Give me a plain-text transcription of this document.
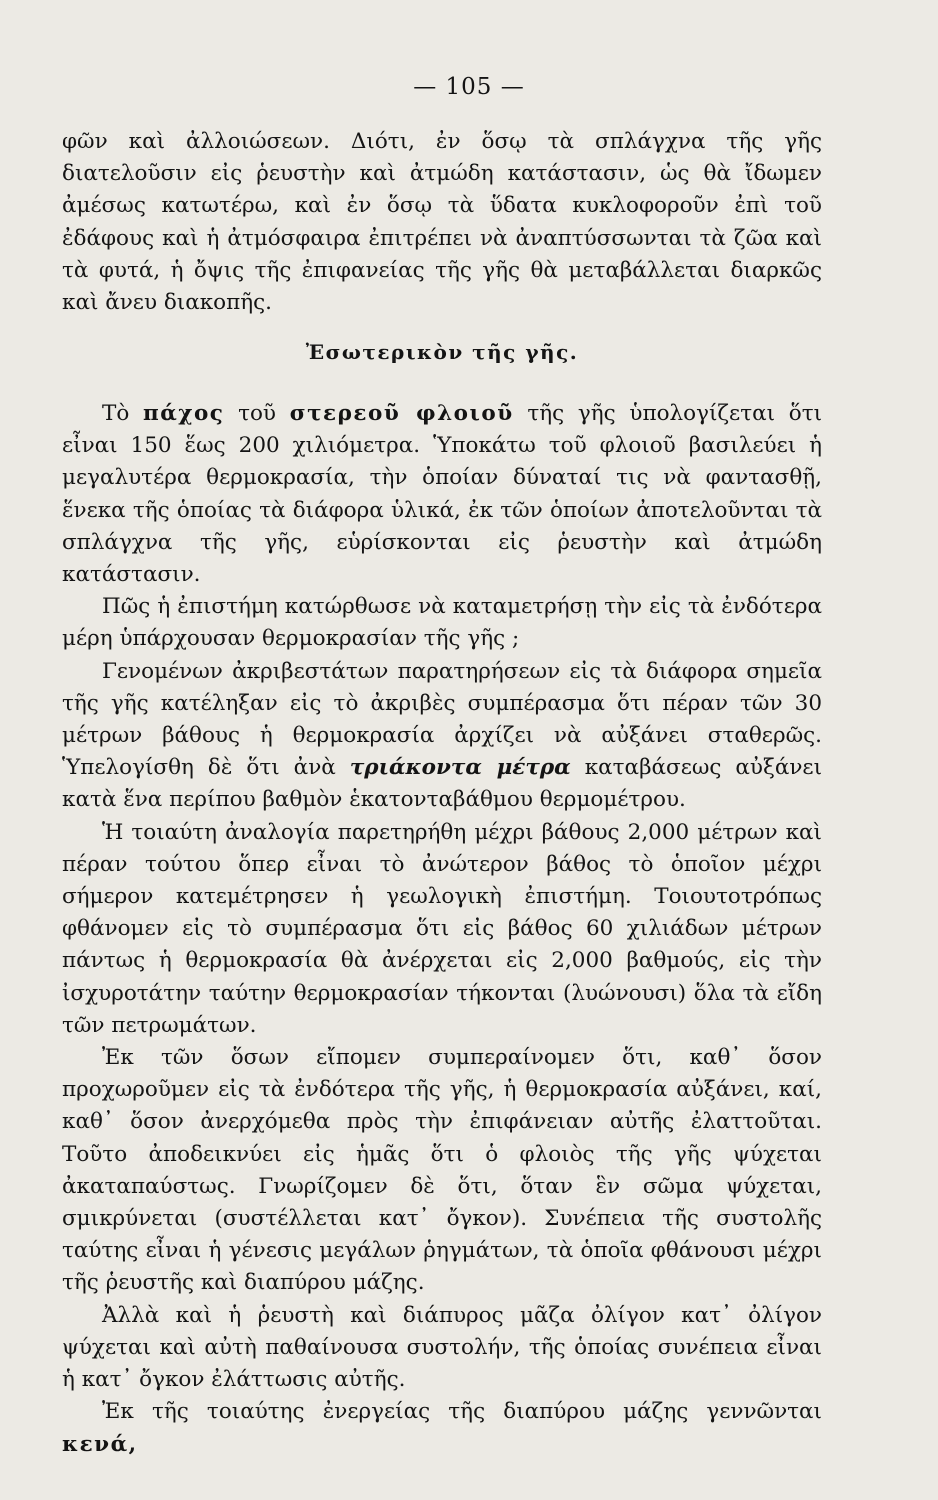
— 105 —

φῶν καὶ ἀλλοιώσεων. Διότι, ἐν ὅσῳ τὰ σπλάγχνα τῆς γῆς διατελοῦσιν εἰς ῥευστὴν καὶ ἀτμώδη κατάστασιν, ὡς θὰ ἴδωμεν ἀμέσως κατωτέρω, καὶ ἐν ὅσῳ τὰ ὕδατα κυκλοφοροῦν ἐπὶ τοῦ ἐδάφους καὶ ἡ ἀτμόσφαιρα ἐπιτρέπει νὰ ἀναπτύσσωνται τὰ ζῶα καὶ τὰ φυτά, ἡ ὄψις τῆς ἐπιφανείας τῆς γῆς θὰ μεταβάλλεται διαρκῶς καὶ ἄνευ διακοπῆς.

Ἐσωτερικὸν τῆς γῆς.

Τὸ πάχος τοῦ στερεοῦ φλοιοῦ τῆς γῆς ὑπολογίζεται ὅτι εἶναι 150 ἕως 200 χιλιόμετρα. Ὑποκάτω τοῦ φλοιοῦ βασιλεύει ἡ μεγαλυτέρα θερμοκρασία, τὴν ὁποίαν δύναταί τις νὰ φαντασθῇ, ἕνεκα τῆς ὁποίας τὰ διάφορα ὑλικά, ἐκ τῶν ὁποίων ἀποτελοῦνται τὰ σπλάγχνα τῆς γῆς, εὑρίσκονται εἰς ῥευστὴν καὶ ἀτμώδη κατάστασιν.

Πῶς ἡ ἐπιστήμη κατώρθωσε νὰ καταμετρήσῃ τὴν εἰς τὰ ἐνδότερα μέρη ὑπάρχουσαν θερμοκρασίαν τῆς γῆς ;

Γενομένων ἀκριβεστάτων παρατηρήσεων εἰς τὰ διάφορα σημεῖα τῆς γῆς κατέληξαν εἰς τὸ ἀκριβὲς συμπέρασμα ὅτι πέραν τῶν 30 μέτρων βάθους ἡ θερμοκρασία ἀρχίζει νὰ αὐξάνει σταθερῶς. Ὑπελογίσθη δὲ ὅτι ἀνὰ τριάκοντα μέτρα καταβάσεως αὐξάνει κατὰ ἕνα περίπου βαθμὸν ἑκατονταβάθμου θερμομέτρου.

Ἡ τοιαύτη ἀναλογία παρετηρήθη μέχρι βάθους 2,000 μέτρων καὶ πέραν τούτου ὅπερ εἶναι τὸ ἀνώτερον βάθος τὸ ὁποῖον μέχρι σήμερον κατεμέτρησεν ἡ γεωλογικὴ ἐπιστήμη. Τοιουτοτρόπως φθάνομεν εἰς τὸ συμπέρασμα ὅτι εἰς βάθος 60 χιλιάδων μέτρων πάντως ἡ θερμοκρασία θὰ ἀνέρχεται εἰς 2,000 βαθμούς, εἰς τὴν ἰσχυροτάτην ταύτην θερμοκρασίαν τήκονται (λυώνουσι) ὅλα τὰ εἴδη τῶν πετρωμάτων.

Ἐκ τῶν ὅσων εἴπομεν συμπεραίνομεν ὅτι, καθ᾽ ὅσον προχωροῦμεν εἰς τὰ ἐνδότερα τῆς γῆς, ἡ θερμοκρασία αὐξάνει, καί, καθ᾽ ὅσον ἀνερχόμεθα πρὸς τὴν ἐπιφάνειαν αὐτῆς ἐλαττοῦται. Τοῦτο ἀποδεικνύει εἰς ἡμᾶς ὅτι ὁ φλοιὸς τῆς γῆς ψύχεται ἀκαταπαύστως. Γνωρίζομεν δὲ ὅτι, ὅταν ἓν σῶμα ψύχεται, σμικρύνεται (συστέλλεται κατ᾽ ὄγκον). Συνέπεια τῆς συστολῆς ταύτης εἶναι ἡ γένεσις μεγάλων ῥηγμάτων, τὰ ὁποῖα φθάνουσι μέχρι τῆς ῥευστῆς καὶ διαπύρου μάζης.

Ἀλλὰ καὶ ἡ ῥευστὴ καὶ διάπυρος μᾶζα ὀλίγον κατ᾽ ὀλίγον ψύχεται καὶ αὐτὴ παθαίνουσα συστολήν, τῆς ὁποίας συνέπεια εἶναι ἡ κατ᾽ ὄγκον ἐλάττωσις αὐτῆς.

Ἐκ τῆς τοιαύτης ἐνεργείας τῆς διαπύρου μάζης γεννῶνται κενά,
